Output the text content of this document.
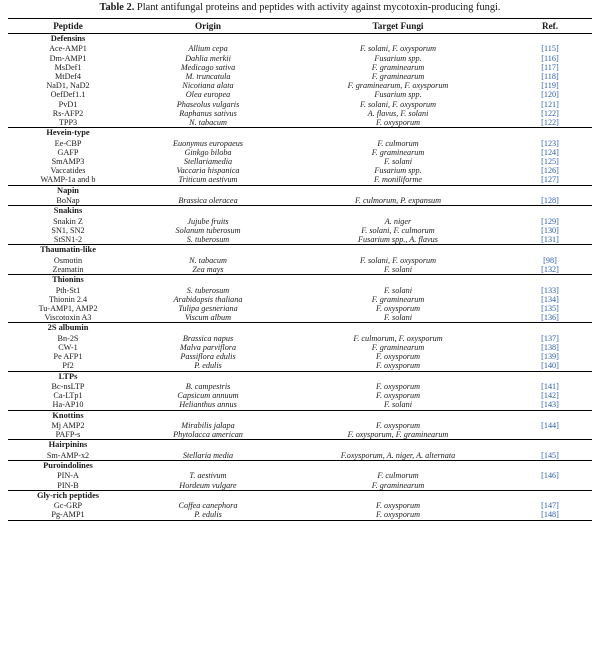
Table 2. Plant antifungal proteins and peptides with activity against mycotoxin-producing fungi.
Peptide	Origin	Target Fungi	Ref.
Defensins			
Ace-AMP1	Allium cepa	F. solani, F. oxysporum	[115]
Dm-AMP1	Dahlia merkii	Fusarium spp.	[116]
MsDef1	Medicago sativa	F. graminearum	[117]
MtDef4	M. truncatula	F. graminearum	[118]
NaD1, NaD2	Nicotiana alata	F. graminearum, F. oxysporum	[119]
OefDef1.1	Olea europea	Fusarium spp.	[120]
PvD1	Phaseolus vulgaris	F. solani, F. oxysporum	[121]
Rs-AFP2	Raphanus sativus	A. flavus, F. solani	[122]
TPP3	N. tabacum	F. oxysporum	[122]
Hevein-type			
Ee-CBP	Euonymus europaeus	F. culmorum	[123]
GAFP	Ginkgo biloba	F. graminearum	[124]
SmAMP3	Stellariamedia	F. solani	[125]
Vaccatides	Vaccaria hispanica	Fusarium spp.	[126]
WAMP-1a and b	Triticum aestivum	F. moniliforme	[127]
Napin			
BoNap	Brassica oleracea	F. culmorum, P. expansum	[128]
Snakins			
Snakin Z	Jujube fruits	A. niger	[129]
SN1, SN2	Solanum tuberosum	F. solani, F. culmorum	[130]
StSN1-2	S. tuberosum	Fusarium spp., A. flavus	[131]
Thaumatin-like			
Osmotin	N. tabacum	F. solani, F. oxysporum	[98]
Zeamatin	Zea mays	F. solani	[132]
Thionins			
Pth-St1	S. tuberosum	F. solani	[133]
Thionin 2.4	Arabidopsis thaliana	F. graminearum	[134]
Tu-AMP1, AMP2	Tulipa gesneriana	F. oxysporum	[135]
Viscotoxin A3	Viscum album	F. solani	[136]
2S albumin			
Bn-2S	Brassica napus	F. culmorum, F. oxysporum	[137]
CW-1	Malva parviflora	F. graminearum	[138]
Pe AFP1	Passiflora edulis	F. oxysporum	[139]
Pf2	P. edulis	F. oxysporum	[140]
LTPs			
Bc-nsLTP	B. campestris	F. oxysporum	[141]
Ca-LTp1	Capsicum annuum	F. oxysporum	[142]
Ha-AP10	Helianthus annus	F. solani	[143]
Knottins			
Mj AMP2	Mirabilis jalapa	F. oxysporum	[144]
PAFP-s	Phytolacca american	F. oxysporum, F. graminearum	
Hairpinins			
Sm-AMP-x2	Stellaria media	F.oxysporum, A. niger, A. alternata	[145]
Puroindolines			
PIN-A	T. aestivum	F. culmorum	[146]
PIN-B	Hordeum vulgare	F. graminearum	
Gly-rich peptides			
Gc-GRP	Coffea canephora	F. oxysporum	[147]
Pg-AMP1	P. edulis	F. oxysporum	[148]
